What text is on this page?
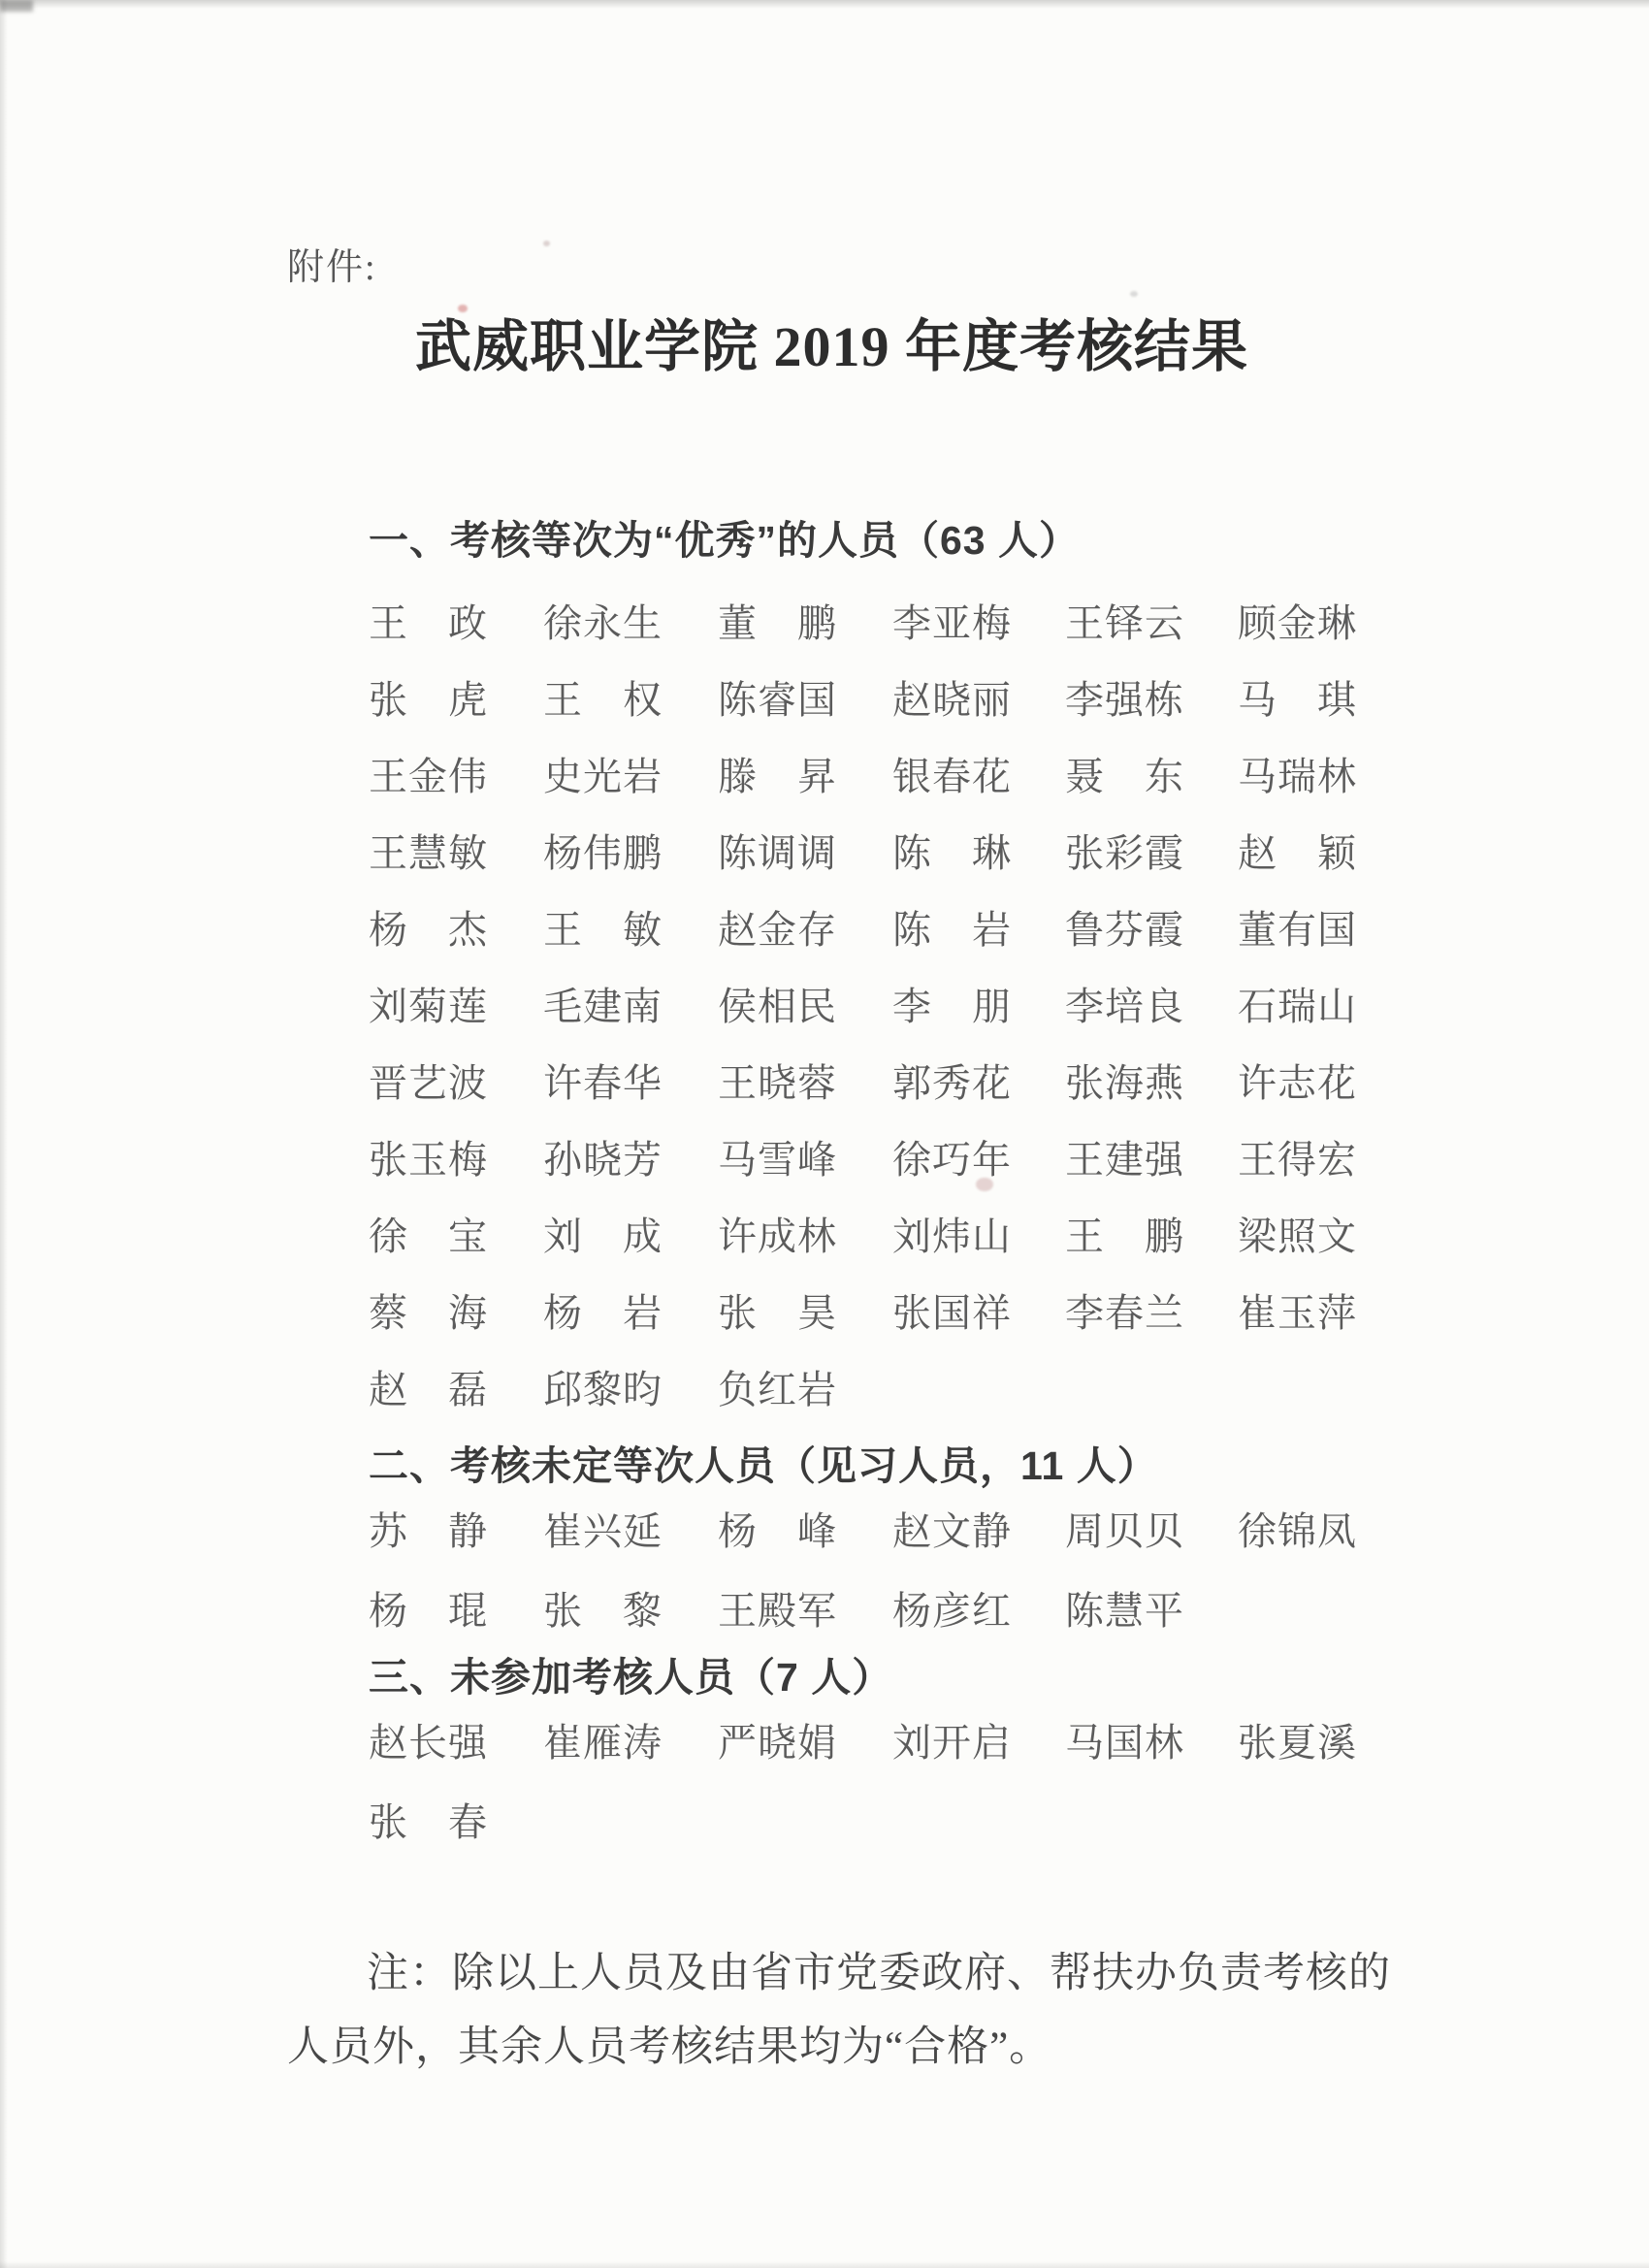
附件:
武威职业学院 2019 年度考核结果
一、考核等次为“优秀”的人员（63 人）
王　政	徐永生	董　鹏	李亚梅	王铎云	顾金琳
张　虎	王　权	陈睿国	赵晓丽	李强栋	马　琪
王金伟	史光岩	滕　昇	银春花	聂　东	马瑞林
王慧敏	杨伟鹏	陈调调	陈　琳	张彩霞	赵　颖
杨　杰	王　敏	赵金存	陈　岩	鲁芬霞	董有国
刘菊莲	毛建南	侯相民	李　朋	李培良	石瑞山
晋艺波	许春华	王晓蓉	郭秀花	张海燕	许志花
张玉梅	孙晓芳	马雪峰	徐巧年	王建强	王得宏
徐　宝	刘　成	许成林	刘炜山	王　鹏	梁照文
蔡　海	杨　岩	张　昊	张国祥	李春兰	崔玉萍
赵　磊	邱黎昀	负红岩
二、考核未定等次人员（见习人员，11 人）
苏　静	崔兴延	杨　峰	赵文静	周贝贝	徐锦凤
杨　琨	张　黎	王殿军	杨彦红	陈慧平
三、未参加考核人员（7 人）
赵长强	崔雁涛	严晓娟	刘开启	马国林	张夏溪
张　春
注：除以上人员及由省市党委政府、帮扶办负责考核的
人员外，其余人员考核结果均为“合格”。
